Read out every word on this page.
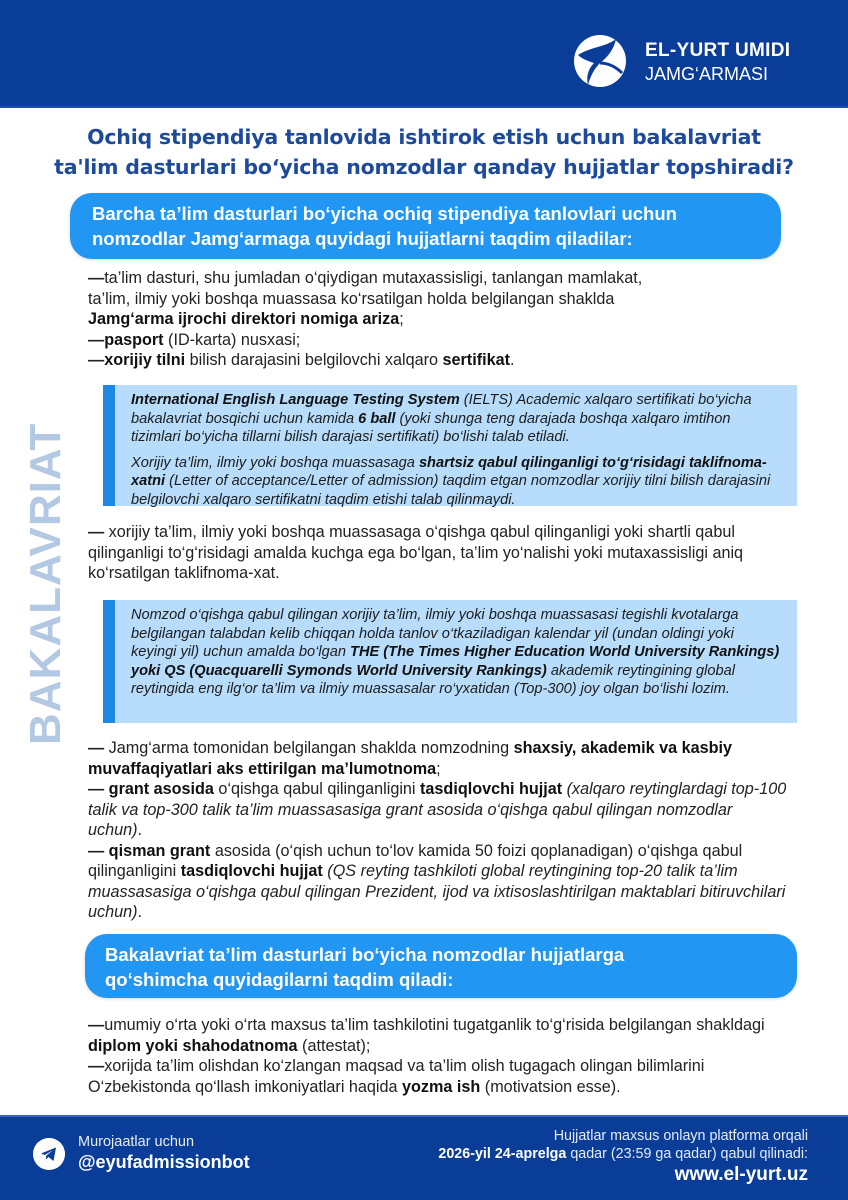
EL-YURT UMIDI
JAMG‘ARMASI
Ochiq stipendiya tanlovida ishtirok etish uchun bakalavriat
ta'lim dasturlari boʻyicha nomzodlar qanday hujjatlar topshiradi?
BAKALAVRIAT
Barcha ta’lim dasturlari bo‘yicha ochiq stipendiya tanlovlari uchun
nomzodlar Jamg‘armaga quyidagi hujjatlarni taqdim qiladilar:

—ta’lim dasturi, shu jumladan o‘qiydigan mutaxassisligi, tanlangan mamlakat,
ta’lim, ilmiy yoki boshqa muassasa ko‘rsatilgan holda belgilangan shaklda
Jamg‘arma ijrochi direktori nomiga ariza;

—pasport (ID-karta) nusxasi;

—xorijiy tilni bilish darajasini belgilovchi xalqaro sertifikat.

International English Language Testing System (IELTS) Academic xalqaro sertifikati bo‘yicha bakalavriat bosqichi uchun kamida 6 ball (yoki shunga teng darajada boshqa xalqaro imtihon tizimlari bo‘yicha tillarni bilish darajasi sertifikati) bo‘lishi talab etiladi.

Xorijiy ta’lim, ilmiy yoki boshqa muassasaga shartsiz qabul qilinganligi to‘g‘risidagi taklifnoma-xatni (Letter of acceptance/Letter of admission) taqdim etgan nomzodlar xorijiy tilni bilish darajasini belgilovchi xalqaro sertifikatni taqdim etishi talab qilinmaydi.

— xorijiy ta’lim, ilmiy yoki boshqa muassasaga o‘qishga qabul qilinganligi yoki shartli qabul qilinganligi to‘g‘risidagi amalda kuchga ega bo‘lgan, ta’lim yo‘nalishi yoki mutaxassisligi aniq ko‘rsatilgan taklifnoma-xat.

Nomzod o‘qishga qabul qilingan xorijiy ta’lim, ilmiy yoki boshqa muassasasi tegishli kvotalarga belgilangan talabdan kelib chiqqan holda tanlov o‘tkaziladigan kalendar yil (undan oldingi yoki keyingi yil) uchun amalda bo‘lgan THE (The Times Higher Education World University Rankings) yoki QS (Quacquarelli Symonds World University Rankings) akademik reytingining global reytingida eng ilg‘or ta’lim va ilmiy muassasalar ro‘yxatidan (Top-300) joy olgan bo‘lishi lozim.

— Jamg‘arma tomonidan belgilangan shaklda nomzodning shaxsiy, akademik va kasbiy muvaffaqiyatlari aks ettirilgan ma’lumotnoma;

— grant asosida o‘qishga qabul qilinganligini tasdiqlovchi hujjat (xalqaro reytinglardagi top-100 talik va top-300 talik ta’lim muassasasiga grant asosida o‘qishga qabul qilingan nomzodlar uchun).

— qisman grant asosida (o‘qish uchun to‘lov kamida 50 foizi qoplanadigan) o‘qishga qabul qilinganligini tasdiqlovchi hujjat (QS reyting tashkiloti global reytingining top-20 talik ta’lim muassasasiga o‘qishga qabul qilingan Prezident, ijod va ixtisoslashtirilgan maktablari bitiruvchilari uchun).

Bakalavriat ta’lim dasturlari bo‘yicha nomzodlar hujjatlarga
qo‘shimcha quyidagilarni taqdim qiladi:

—umumiy o‘rta yoki o‘rta maxsus ta’lim tashkilotini tugatganlik to‘g‘risida belgilangan shakldagi diplom yoki shahodatnoma (attestat);

—xorijda ta’lim olishdan ko‘zlangan maqsad va ta’lim olish tugagach olingan bilimlarini O‘zbekistonda qo‘llash imkoniyatlari haqida yozma ish (motivatsion esse).

Murojaatlar uchun
@eyufadmissionbot
Hujjatlar maxsus onlayn platforma orqali
2026-yil 24-aprelga qadar (23:59 ga qadar) qabul qilinadi:
www.el-yurt.uz
